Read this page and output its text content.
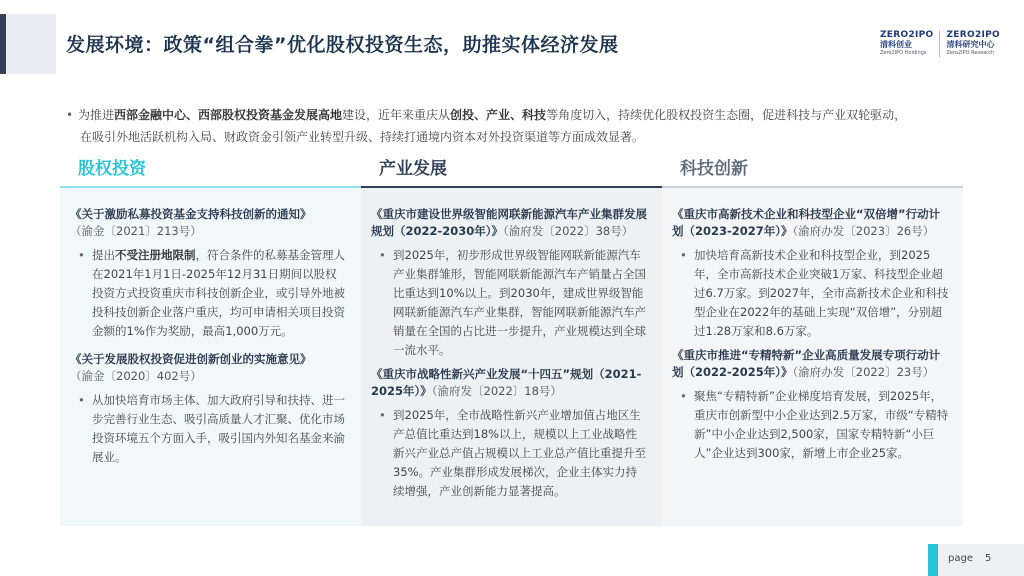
发展环境：政策“组合拳”优化股权投资生态，助推实体经济发展	ZERO2IPO
清科创业
Zero2IPO Holdings
ZERO2IPO
清科研究中心
Zero2IPO Research
• 为推进西部金融中心、西部股权投资基金发展高地建设，近年来重庆从创投、产业、科技等角度切入，持续优化股权投资生态圈，促进科技与产业双轮驱动，
在吸引外地活跃机构入局、财政资金引领产业转型升级、持续打通境内资本对外投资渠道等方面成效显著。
股权投资
《关于激励私募投资基金支持科技创新的通知》
（渝金〔2021〕213号）
• 提出不受注册地限制，符合条件的私募基金管理人在2021年1月1日-2025年12月31日期间以股权投资方式投资重庆市科技创新企业，或引导外地被投科技创新企业落户重庆，均可申请相关项目投资金额的1%作为奖励，最高1,000万元。
《关于发展股权投资促进创新创业的实施意见》
（渝金〔2020〕402号）
• 从加快培育市场主体、加大政府引导和扶持、进一步完善行业生态、吸引高质量人才汇聚、优化市场投资环境五个方面入手，吸引国内外知名基金来渝展业。
产业发展
《重庆市建设世界级智能网联新能源汽车产业集群发展规划（2022-2030年）》（渝府发〔2022〕38号）
• 到2025年，初步形成世界级智能网联新能源汽车产业集群雏形，智能网联新能源汽车产销量占全国比重达到10%以上。到2030年，建成世界级智能网联新能源汽车产业集群，智能网联新能源汽车产销量在全国的占比进一步提升，产业规模达到全球一流水平。
《重庆市战略性新兴产业发展“十四五”规划（2021-2025年）》（渝府发〔2022〕18号）
• 到2025年，全市战略性新兴产业增加值占地区生产总值比重达到18%以上，规模以上工业战略性新兴产业总产值占规模以上工业总产值比重提升至35%。产业集群形成发展梯次，企业主体实力持续增强，产业创新能力显著提高。
科技创新
《重庆市高新技术企业和科技型企业“双倍增”行动计划（2023-2027年）》（渝府办发〔2023〕26号）
• 加快培育高新技术企业和科技型企业，到2025年，全市高新技术企业突破1万家、科技型企业超过6.7万家。到2027年，全市高新技术企业和科技型企业在2022年的基础上实现“双倍增”，分别超过1.28万家和8.6万家。
《重庆市推进“专精特新”企业高质量发展专项行动计划（2022-2025年）》（渝府办发〔2022〕23号）
• 聚焦“专精特新”企业梯度培育发展，到2025年，重庆市创新型中小企业达到2.5万家，市级“专精特新”中小企业达到2,500家，国家专精特新“小巨人”企业达到300家，新增上市企业25家。
page 5
